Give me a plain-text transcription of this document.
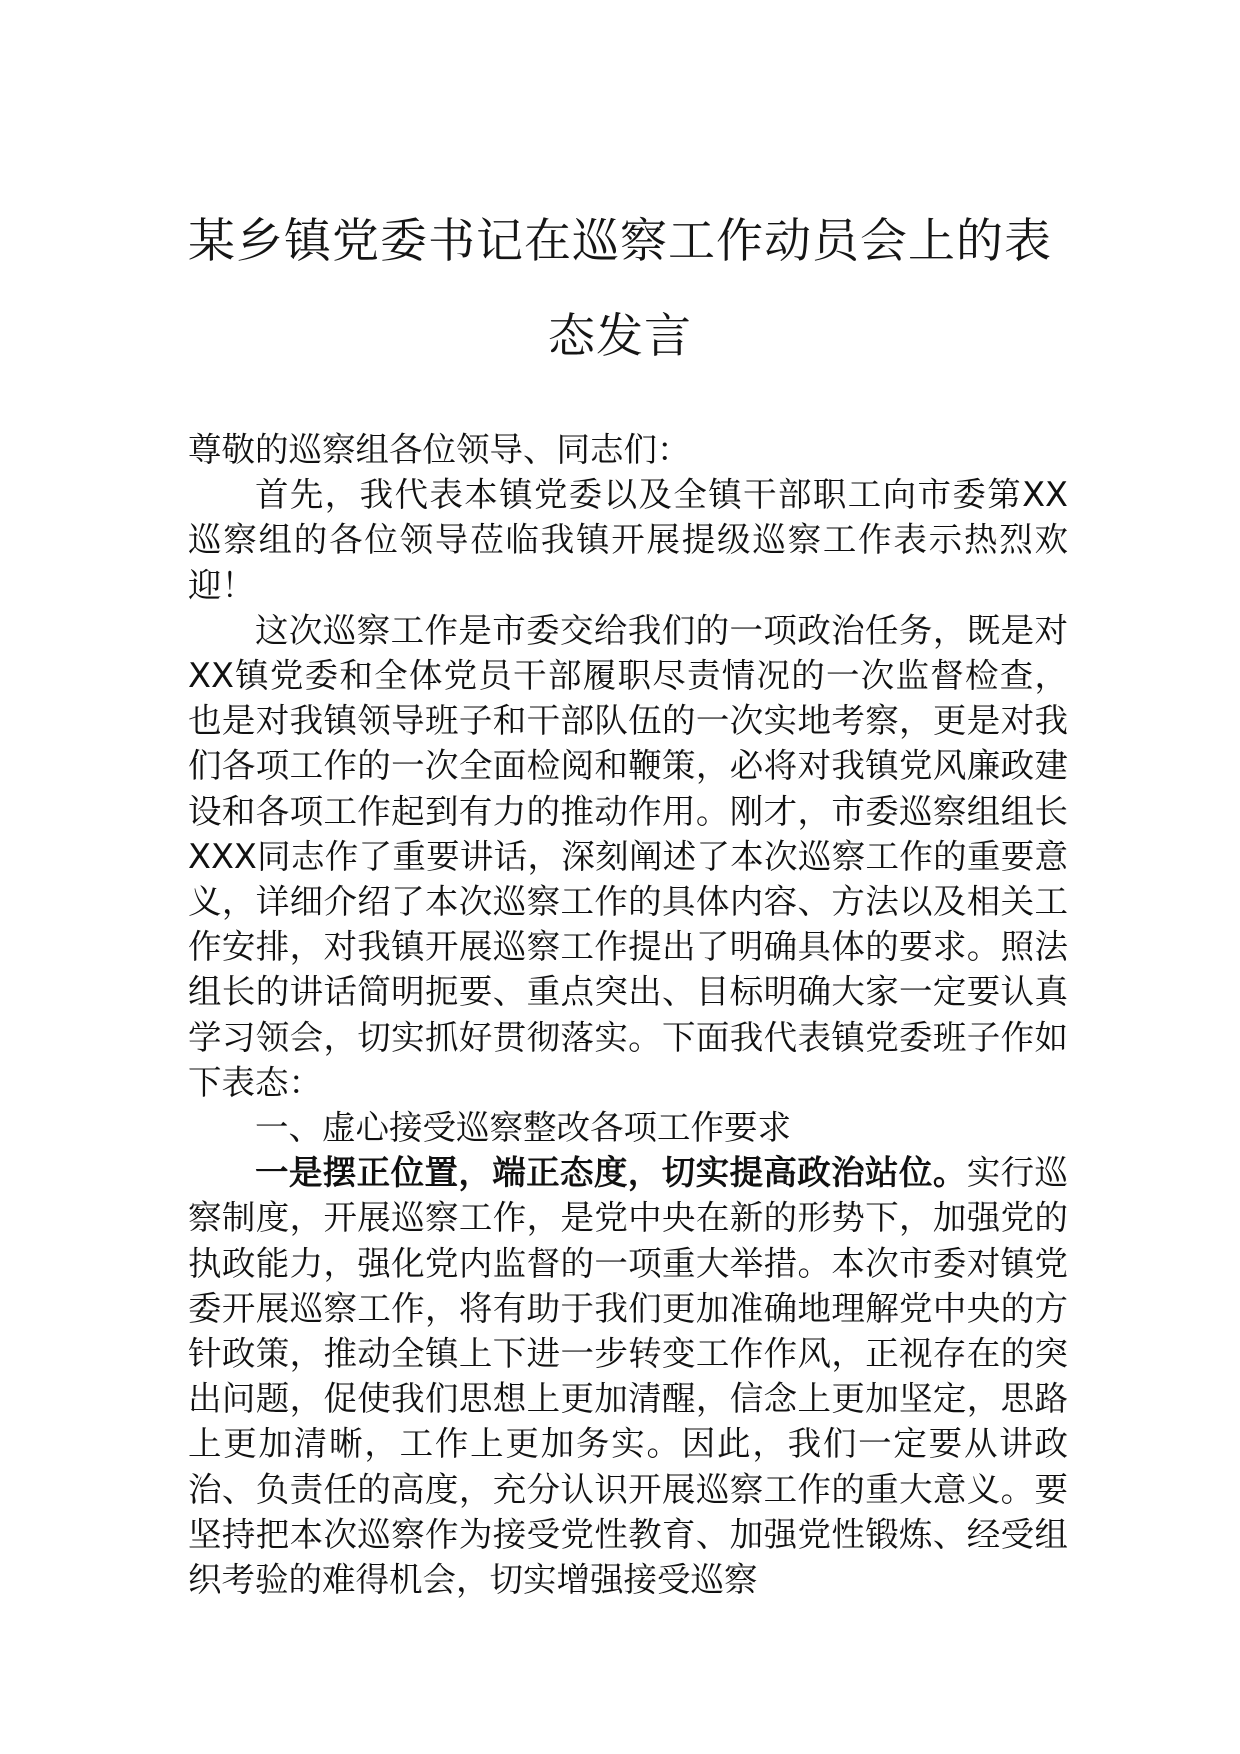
某乡镇党委书记在巡察工作动员会上的表
态发言

尊敬的巡察组各位领导、同志们：

首先，我代表本镇党委以及全镇干部职工向市委第XX巡察组的各位领导莅临我镇开展提级巡察工作表示热烈欢迎！

这次巡察工作是市委交给我们的一项政治任务，既是对XX镇党委和全体党员干部履职尽责情况的一次监督检查，也是对我镇领导班子和干部队伍的一次实地考察，更是对我们各项工作的一次全面检阅和鞭策，必将对我镇党风廉政建设和各项工作起到有力的推动作用。刚才，市委巡察组组长XXX同志作了重要讲话，深刻阐述了本次巡察工作的重要意义，详细介绍了本次巡察工作的具体内容、方法以及相关工作安排，对我镇开展巡察工作提出了明确具体的要求。照法组长的讲话简明扼要、重点突出、目标明确大家一定要认真学习领会，切实抓好贯彻落实。下面我代表镇党委班子作如下表态：

一、虚心接受巡察整改各项工作要求

一是摆正位置，端正态度，切实提高政治站位。实行巡察制度，开展巡察工作，是党中央在新的形势下，加强党的执政能力，强化党内监督的一项重大举措。本次市委对镇党委开展巡察工作，将有助于我们更加准确地理解党中央的方针政策，推动全镇上下进一步转变工作作风，正视存在的突出问题，促使我们思想上更加清醒，信念上更加坚定，思路上更加清晰，工作上更加务实。因此，我们一定要从讲政治、负责任的高度，充分认识开展巡察工作的重大意义。要坚持把本次巡察作为接受党性教育、加强党性锻炼、经受组织考验的难得机会，切实增强接受巡察
